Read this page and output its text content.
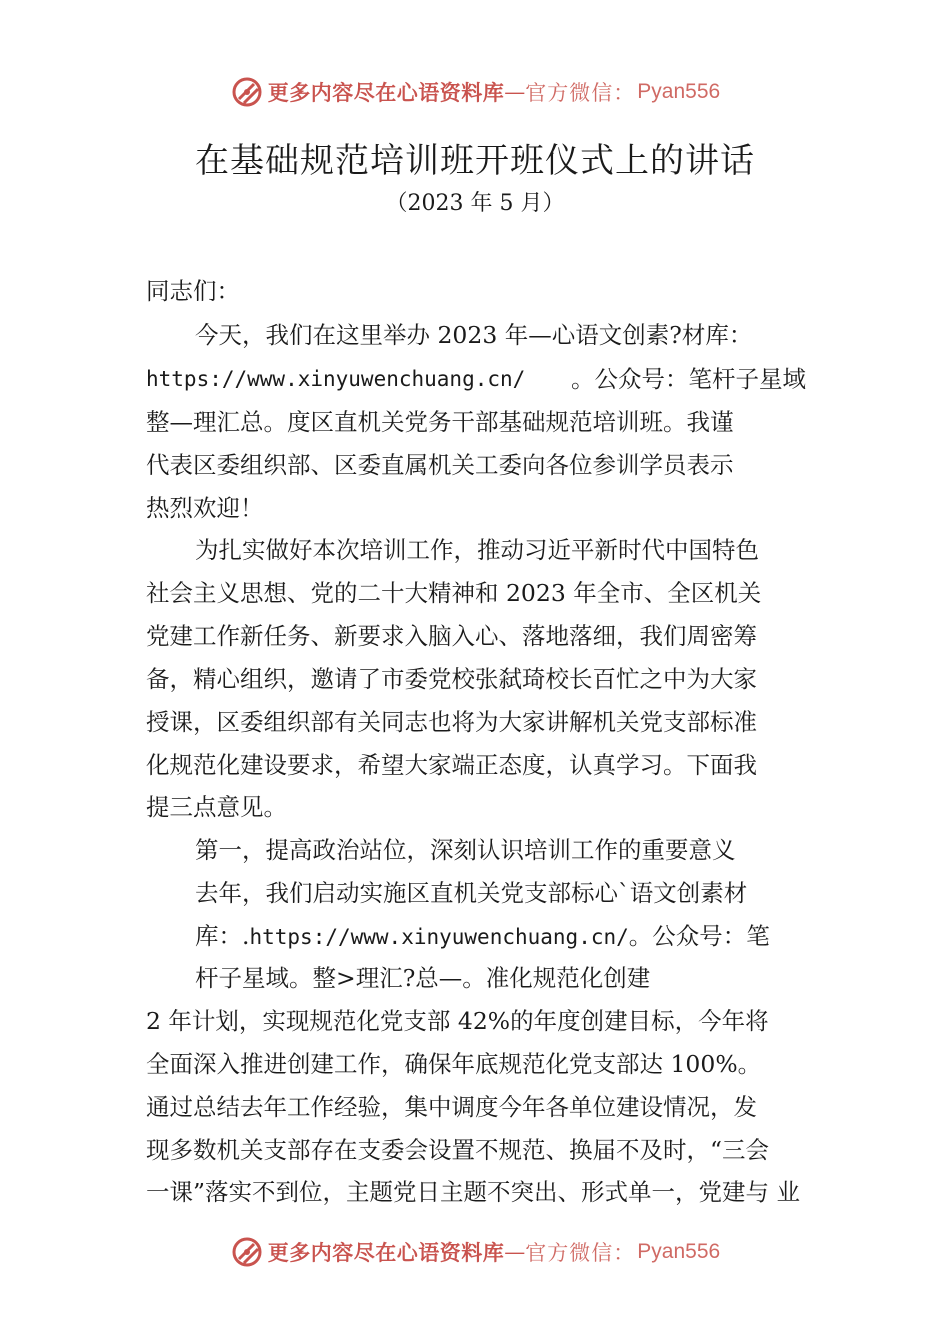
更多内容尽在心语资料库 — 官方微信： Pyan556
在基础规范培训班开班仪式上的讲话
（2023 年 5 月）
同志们：
今天，我们在这里举办 2023 年—心语文创素?材库：
https://www.xinyuwenchuang.cn/ 。公众号：笔杆子星域
整—理汇总。度区直机关党务干部基础规范培训班。我谨
代表区委组织部、区委直属机关工委向各位参训学员表示
热烈欢迎！
为扎实做好本次培训工作，推动习近平新时代中国特色
社会主义思想、党的二十大精神和 2023 年全市、全区机关
党建工作新任务、新要求入脑入心、落地落细，我们周密筹
备，精心组织，邀请了市委党校张弑琦校长百忙之中为大家
授课，区委组织部有关同志也将为大家讲解机关党支部标准
化规范化建设要求，希望大家端正态度，认真学习。下面我
提三点意见。
第一，提高政治站位，深刻认识培训工作的重要意义
去年，我们启动实施区直机关党支部标心`语文创素材
库：.https://www.xinyuwenchuang.cn/。公众号：笔
杆子星域。整>理汇?总—。准化规范化创建
2 年计划，实现规范化党支部 42%的年度创建目标，今年将
全面深入推进创建工作，确保年底规范化党支部达 100%。
通过总结去年工作经验，集中调度今年各单位建设情况，发
现多数机关支部存在支委会设置不规范、换届不及时，“三会
一课”落实不到位，主题党日主题不突出、形式单一，党建与 业
更多内容尽在心语资料库 — 官方微信： Pyan556
